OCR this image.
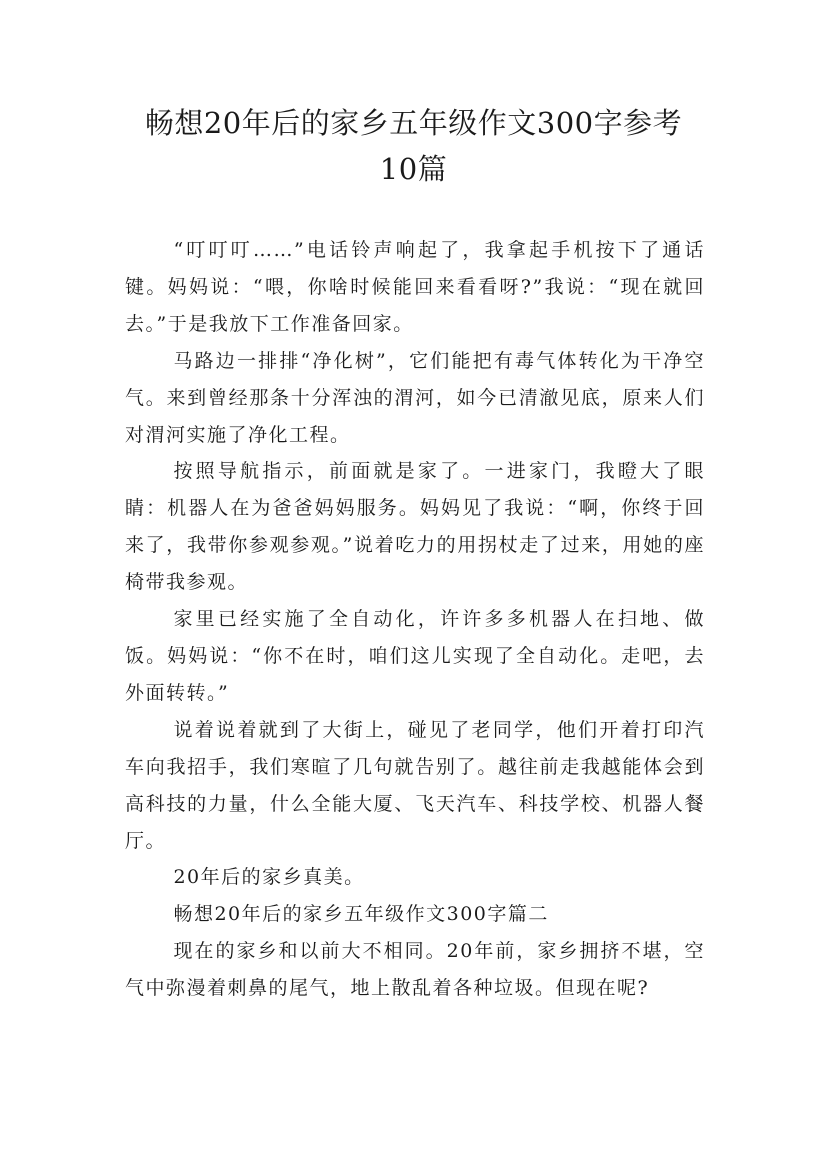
畅想20年后的家乡五年级作文300字参考
10篇

“叮叮叮……”电话铃声响起了，我拿起手机按下了通话键。妈妈说：“喂，你啥时候能回来看看呀?”我说：“现在就回去。”于是我放下工作准备回家。

马路边一排排“净化树”，它们能把有毒气体转化为干净空气。来到曾经那条十分浑浊的渭河，如今已清澈见底，原来人们对渭河实施了净化工程。

按照导航指示，前面就是家了。一进家门，我瞪大了眼睛：机器人在为爸爸妈妈服务。妈妈见了我说：“啊，你终于回来了，我带你参观参观。”说着吃力的用拐杖走了过来，用她的座椅带我参观。

家里已经实施了全自动化，许许多多机器人在扫地、做饭。妈妈说：“你不在时，咱们这儿实现了全自动化。走吧，去外面转转。”

说着说着就到了大街上，碰见了老同学，他们开着打印汽车向我招手，我们寒暄了几句就告别了。越往前走我越能体会到高科技的力量，什么全能大厦、飞天汽车、科技学校、机器人餐厅。

20年后的家乡真美。

畅想20年后的家乡五年级作文300字篇二

现在的家乡和以前大不相同。20年前，家乡拥挤不堪，空气中弥漫着刺鼻的尾气，地上散乱着各种垃圾。但现在呢?
